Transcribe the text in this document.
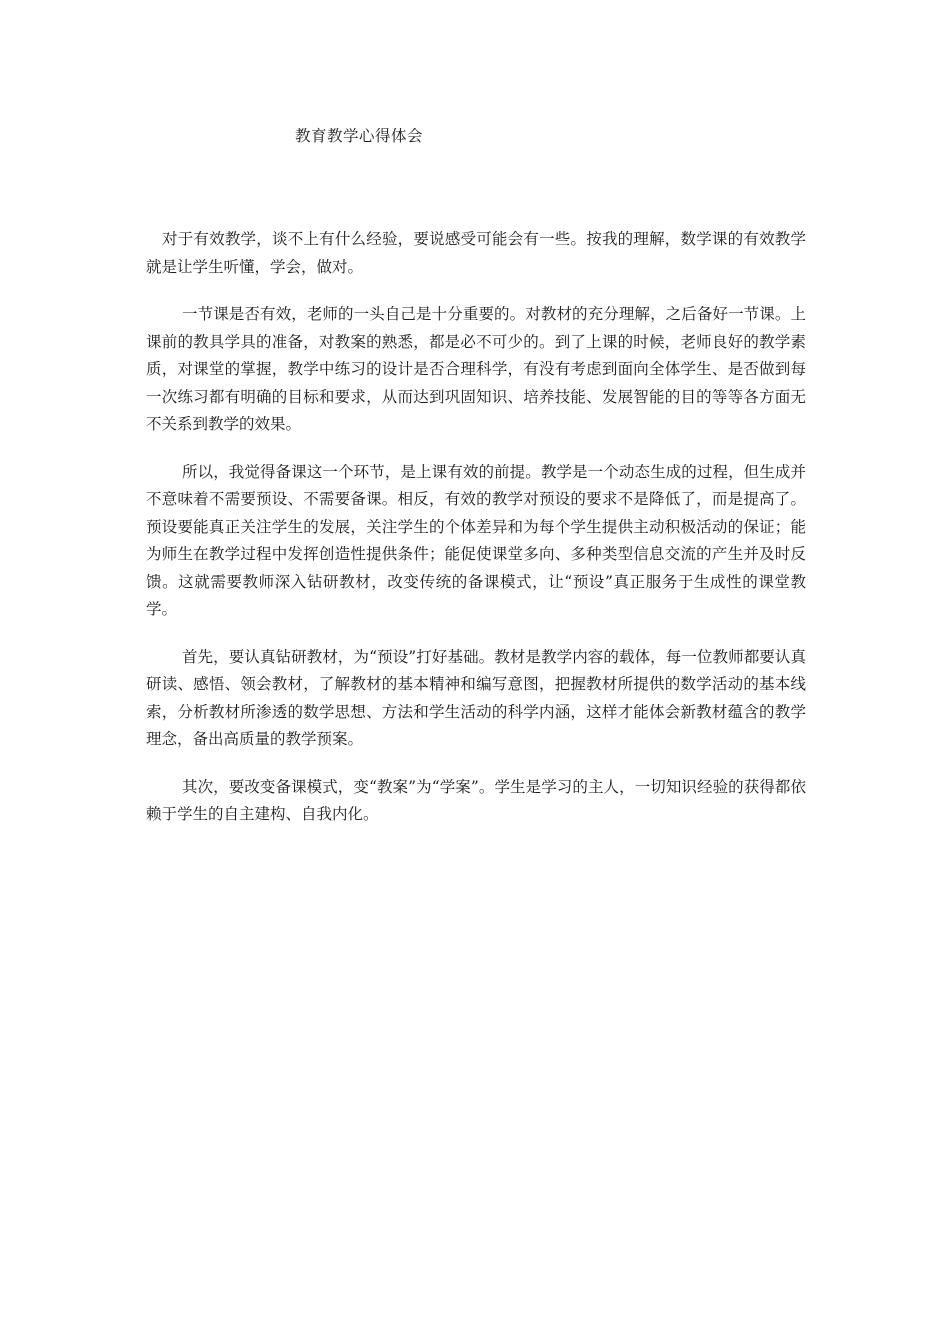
教育教学心得体会

对于有效教学，谈不上有什么经验，要说感受可能会有一些。按我的理解，数学课的有效教学就是让学生听懂，学会，做对。

一节课是否有效，老师的一头自己是十分重要的。对教材的充分理解，之后备好一节课。上课前的教具学具的准备，对教案的熟悉，都是必不可少的。到了上课的时候，老师良好的教学素质，对课堂的掌握，教学中练习的设计是否合理科学，有没有考虑到面向全体学生、是否做到每一次练习都有明确的目标和要求，从而达到巩固知识、培养技能、发展智能的目的等等各方面无不关系到教学的效果。

所以，我觉得备课这一个环节，是上课有效的前提。教学是一个动态生成的过程，但生成并不意味着不需要预设、不需要备课。相反，有效的教学对预设的要求不是降低了，而是提高了。预设要能真正关注学生的发展，关注学生的个体差异和为每个学生提供主动积极活动的保证；能为师生在教学过程中发挥创造性提供条件；能促使课堂多向、多种类型信息交流的产生并及时反馈。这就需要教师深入钻研教材，改变传统的备课模式，让“预设”真正服务于生成性的课堂教学。

首先，要认真钻研教材，为“预设”打好基础。教材是教学内容的载体，每一位教师都要认真研读、感悟、领会教材，了解教材的基本精神和编写意图，把握教材所提供的数学活动的基本线索，分析教材所渗透的数学思想、方法和学生活动的科学内涵，这样才能体会新教材蕴含的教学理念，备出高质量的教学预案。

其次，要改变备课模式，变“教案”为“学案”。学生是学习的主人，一切知识经验的获得都依赖于学生的自主建构、自我内化。
